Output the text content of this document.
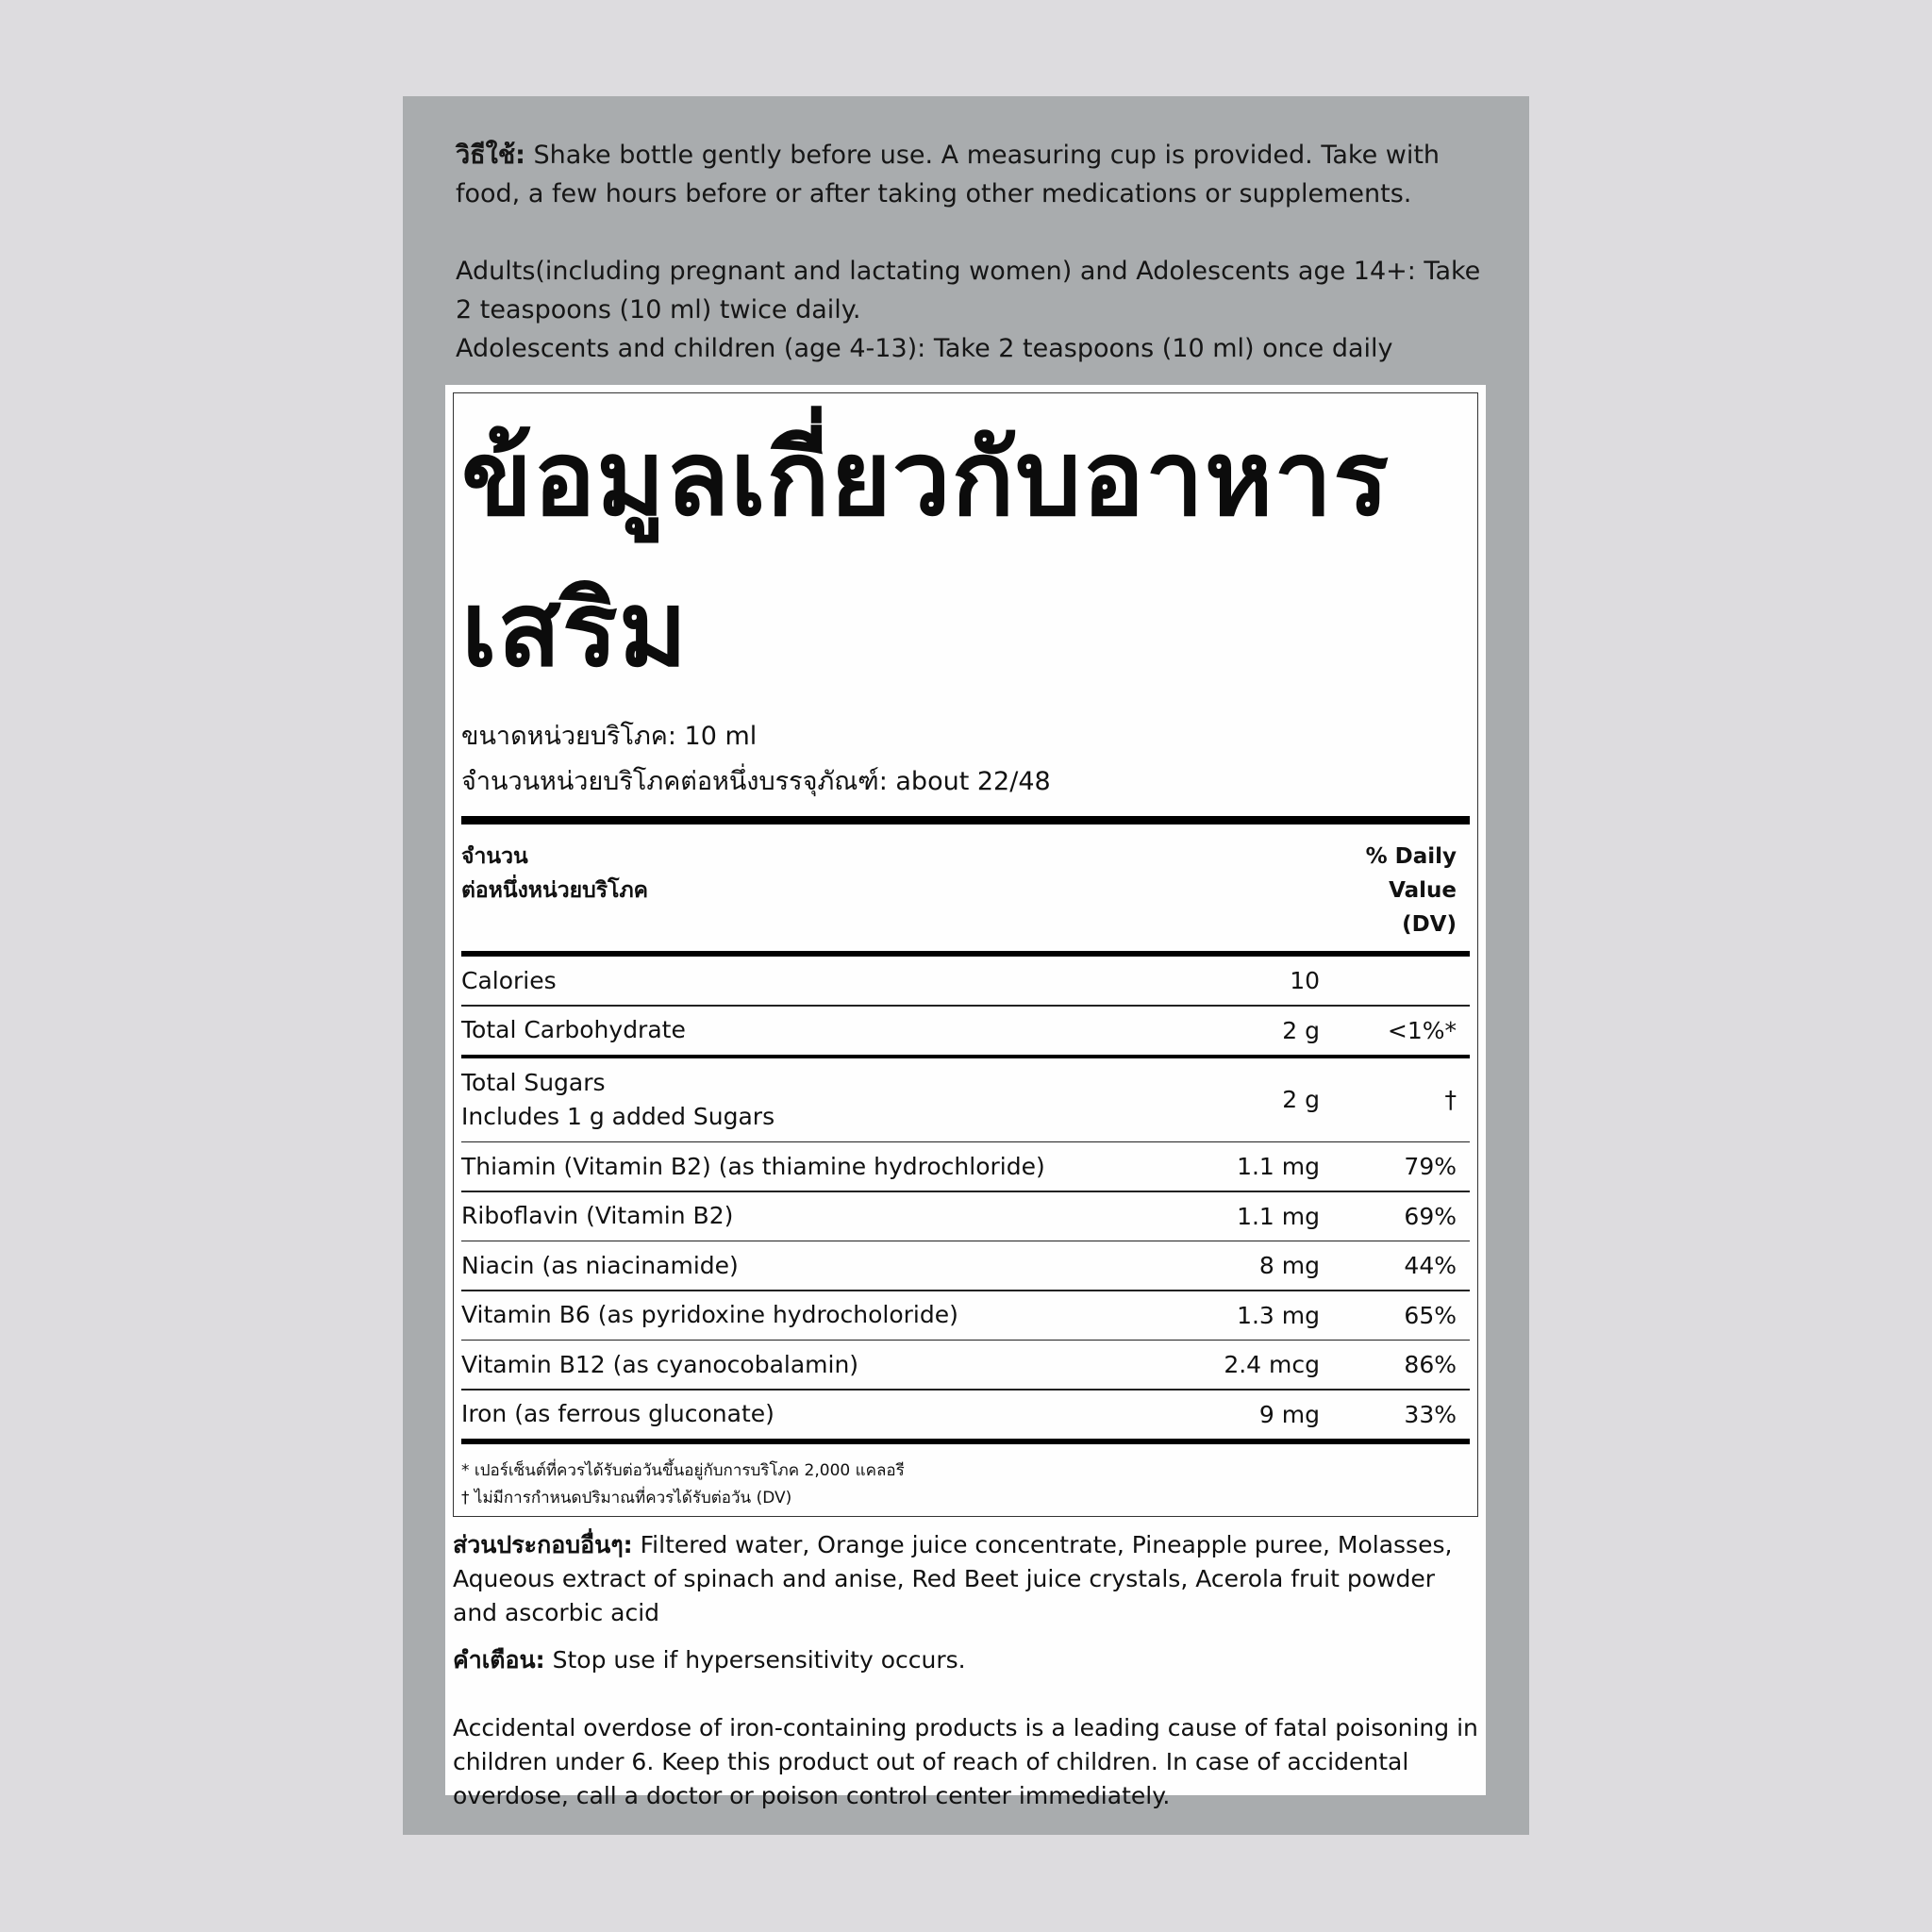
วิธีใช้: Shake bottle gently before use. A measuring cup is provided. Take with food, a few hours before or after taking other medications or supplements.

Adults(including pregnant and lactating women) and Adolescents age 14+: Take 2 teaspoons (10 ml) twice daily.

Adolescents and children (age 4-13): Take 2 teaspoons (10 ml) once daily

ข้อมูลเกี่ยวกับอาหาร
เสริม
ขนาดหน่วยบริโภค: 10 ml
จำนวนหน่วยบริโภคต่อหนึ่งบรรจุภัณฑ์: about 22/48
จำนวน
ต่อหนึ่งหน่วยบริโภค
% Daily
Value
(DV)
Calories	10
Total Carbohydrate	2 g	<1%*
Total Sugars
Includes 1 g added Sugars
2 g	†
Thiamin (Vitamin B2) (as thiamine hydrochloride)	1.1 mg	79%
Riboflavin (Vitamin B2)	1.1 mg	69%
Niacin (as niacinamide)	8 mg	44%
Vitamin B6 (as pyridoxine hydrocholoride)	1.3 mg	65%
Vitamin B12 (as cyanocobalamin)	2.4 mcg	86%
Iron (as ferrous gluconate)	9 mg	33%
* เปอร์เซ็นต์ที่ควรได้รับต่อวันขึ้นอยู่กับการบริโภค 2,000 แคลอรี
† ไม่มีการกำหนดปริมาณที่ควรได้รับต่อวัน (DV)

ส่วนประกอบอื่นๆ: Filtered water, Orange juice concentrate, Pineapple puree, Molasses, Aqueous extract of spinach and anise, Red Beet juice crystals, Acerola fruit powder and ascorbic acid

คำเตือน: Stop use if hypersensitivity occurs.

Accidental overdose of iron-containing products is a leading cause of fatal poisoning in children under 6. Keep this product out of reach of children. In case of accidental overdose, call a doctor or poison control center immediately.
